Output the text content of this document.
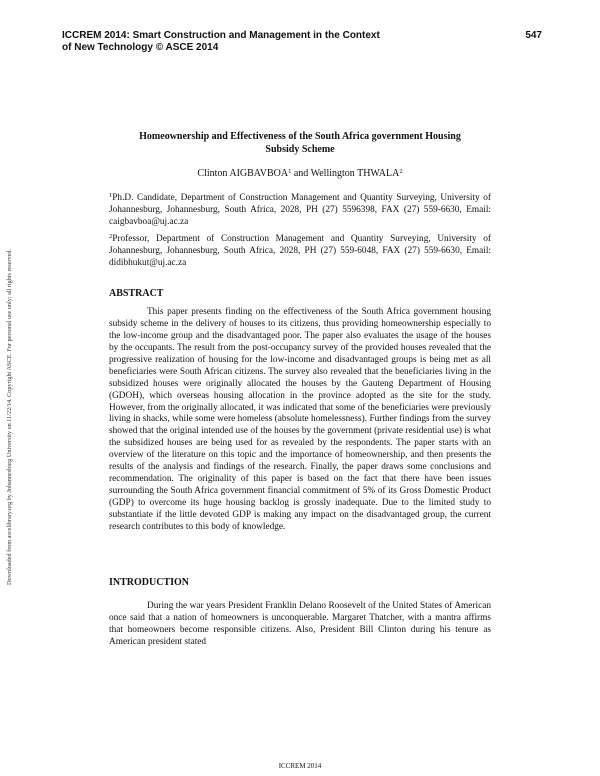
ICCREM 2014: Smart Construction and Management in the Context
of New Technology © ASCE 2014
547
Downloaded from ascelibrary.org by Johannesburg University on 11/22/14. Copyright ASCE. For personal use only; all rights reserved.
Homeownership and Effectiveness of the South Africa government Housing
Subsidy Scheme
Clinton AIGBAVBOA$^1$ and Wellington THWALA$^2$

$^1$Ph.D. Candidate, Department of Construction Management and Quantity Surveying, University of Johannesburg, Johannesburg, South Africa, 2028, PH (27) 5596398, FAX (27) 559-6630, Email: caigbavboa@uj.ac.za

$^2$Professor, Department of Construction Management and Quantity Surveying, University of Johannesburg, Johannesburg, South Africa, 2028, PH (27) 559-6048, FAX (27) 559-6630, Email: didibhukut@uj.ac.za

ABSTRACT

This paper presents finding on the effectiveness of the South Africa government housing subsidy scheme in the delivery of houses to its citizens, thus providing homeownership especially to the low-income group and the disadvantaged poor. The paper also evaluates the usage of the houses by the occupants. The result from the post-occupancy survey of the provided houses revealed that the progressive realization of housing for the low-income and disadvantaged groups is being met as all beneficiaries were South African citizens. The survey also revealed that the beneficiaries living in the subsidized houses were originally allocated the houses by the Gauteng Department of Housing (GDOH), which overseas housing allocation in the province adopted as the site for the study. However, from the originally allocated, it was indicated that some of the beneficiaries were previously living in shacks, while some were homeless (absolute homelessness). Further findings from the survey showed that the original intended use of the houses by the government (private residential use) is what the subsidized houses are being used for as revealed by the respondents. The paper starts with an overview of the literature on this topic and the importance of homeownership, and then presents the results of the analysis and findings of the research. Finally, the paper draws some conclusions and recommendation. The originality of this paper is based on the fact that there have been issues surrounding the South Africa government financial commitment of 5% of its Gross Domestic Product (GDP) to overcome its huge housing backlog is grossly inadequate. Due to the limited study to substantiate if the little devoted GDP is making any impact on the disadvantaged group, the current research contributes to this body of knowledge.

INTRODUCTION

During the war years President Franklin Delano Roosevelt of the United States of American once said that a nation of homeowners is unconquerable. Margaret Thatcher, with a mantra affirms that homeowners become responsible citizens. Also, President Bill Clinton during his tenure as American president stated

ICCREM 2014
